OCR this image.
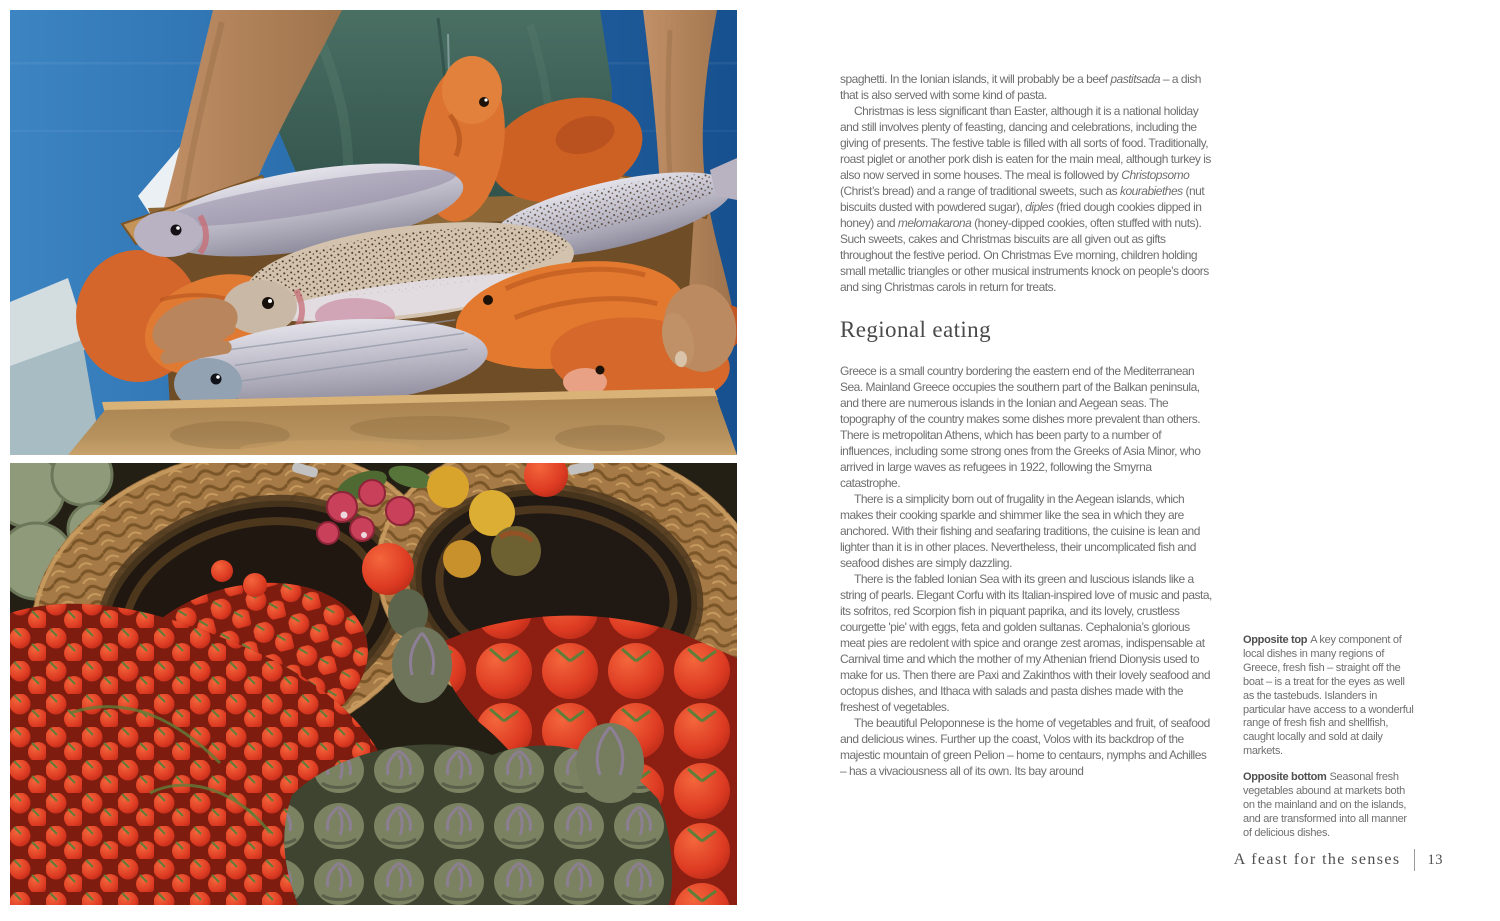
spaghetti. In the Ionian islands, it will probably be a beef pastitsada – a dish that is also served with some kind of pasta.

Christmas is less significant than Easter, although it is a national holiday and still involves plenty of feasting, dancing and celebrations, including the giving of presents. The festive table is filled with all sorts of food. Traditionally, roast piglet or another pork dish is eaten for the main meal, although turkey is also now served in some houses. The meal is followed by Christopsomo (Christ’s bread) and a range of traditional sweets, such as kourabiethes (nut biscuits dusted with powdered sugar), diples (fried dough cookies dipped in honey) and melomakarona (honey-dipped cookies, often stuffed with nuts). Such sweets, cakes and Christmas biscuits are all given out as gifts throughout the festive period. On Christmas Eve morning, children holding small metallic triangles or other musical instruments knock on people’s doors and sing Christmas carols in return for treats.

Regional eating

Greece is a small country bordering the eastern end of the Mediterranean Sea. Mainland Greece occupies the southern part of the Balkan peninsula, and there are numerous islands in the Ionian and Aegean seas. The topography of the country makes some dishes more prevalent than others. There is metropolitan Athens, which has been party to a number of influences, including some strong ones from the Greeks of Asia Minor, who arrived in large waves as refugees in 1922, following the Smyrna catastrophe.

There is a simplicity born out of frugality in the Aegean islands, which makes their cooking sparkle and shimmer like the sea in which they are anchored. With their fishing and seafaring traditions, the cuisine is lean and lighter than it is in other places. Nevertheless, their uncomplicated fish and seafood dishes are simply dazzling.

There is the fabled Ionian Sea with its green and luscious islands like a string of pearls. Elegant Corfu with its Italian-inspired love of music and pasta, its sofritos, red Scorpion fish in piquant paprika, and its lovely, crustless courgette 'pie' with eggs, feta and golden sultanas. Cephalonia’s glorious meat pies are redolent with spice and orange zest aromas, indispensable at Carnival time and which the mother of my Athenian friend Dionysis used to make for us. Then there are Paxi and Zakinthos with their lovely seafood and octopus dishes, and Ithaca with salads and pasta dishes made with the freshest of vegetables.

The beautiful Peloponnese is the home of vegetables and fruit, of seafood and delicious wines. Further up the coast, Volos with its backdrop of the majestic mountain of green Pelion – home to centaurs, nymphs and Achilles – has a vivaciousness all of its own. Its bay around

Opposite top A key component of local dishes in many regions of Greece, fresh fish – straight off the boat – is a treat for the eyes as well as the tastebuds. Islanders in particular have access to a wonderful range of fresh fish and shellfish, caught locally and sold at daily markets.

Opposite bottom Seasonal fresh vegetables abound at markets both on the mainland and on the islands, and are transformed into all manner of delicious dishes.

A feast for the senses 13
